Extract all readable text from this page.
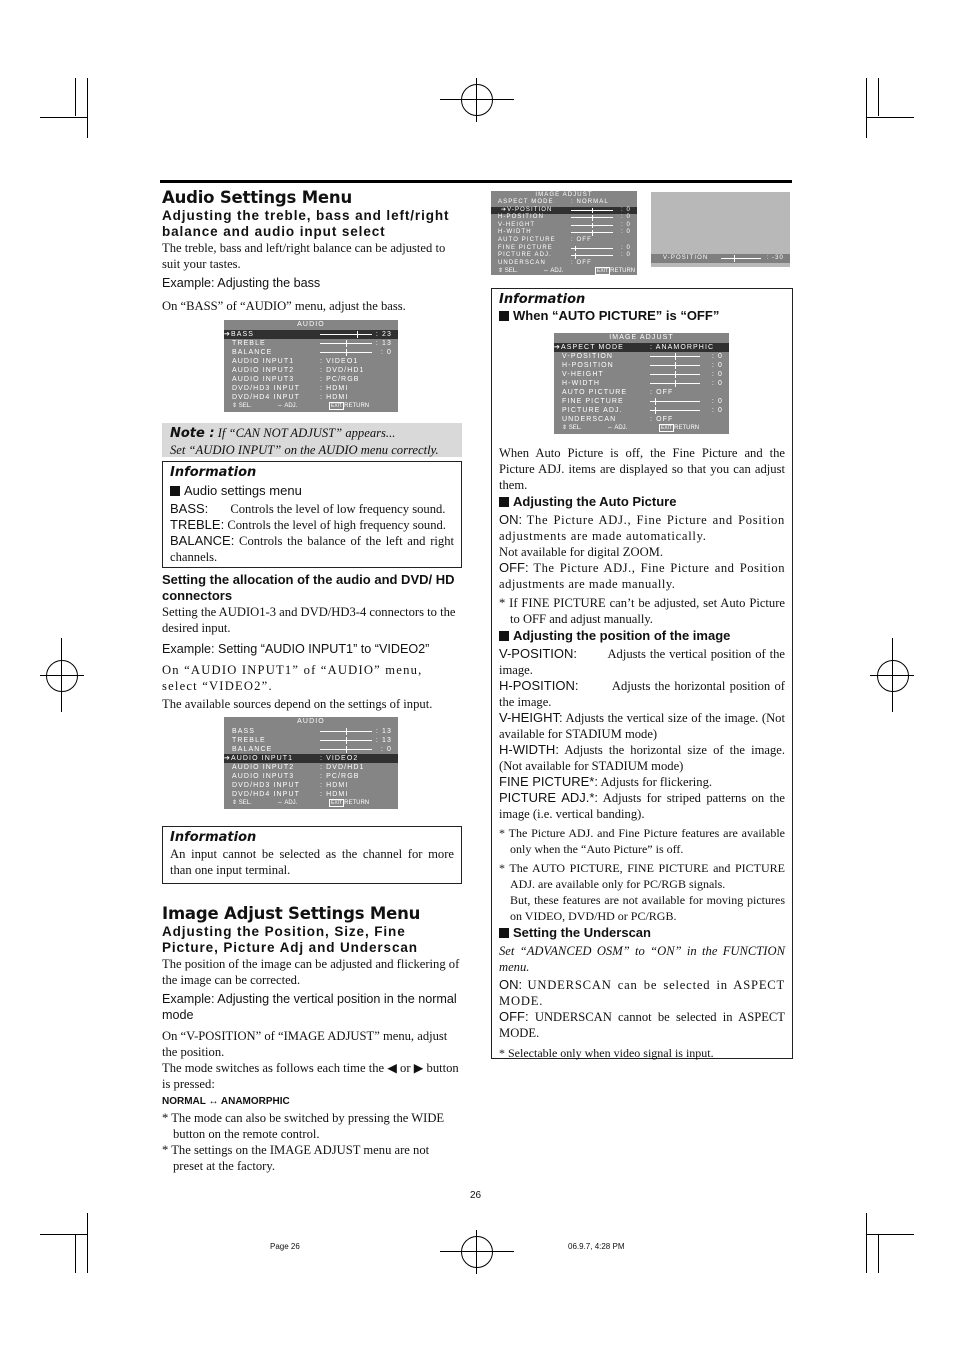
Audio Settings Menu
Adjusting the treble, bass and left/right balance and audio input select

The treble, bass and left/right balance can be adjusted to suit your tastes.

Example: Adjusting the bass

On “BASS” of “AUDIO” menu, adjust the bass.

AUDIO
➔BASS	: 23
TREBLE	: 13
BALANCE	: 0
AUDIO INPUT1	: VIDEO1
AUDIO INPUT2	: DVD/HD1
AUDIO INPUT3	: PC/RGB
DVD/HD3 INPUT	: HDMI
DVD/HD4 INPUT	: HDMI
⇕ SEL.	⇔ ADJ.	EXIT RETURN
Note : If “CAN NOT ADJUST” appears...
Set “AUDIO INPUT” on the AUDIO menu correctly.
Information
Audio settings menu

BASS: Controls the level of low frequency sound.

TREBLE: Controls the level of high frequency sound.

BALANCE: Controls the balance of the left and right channels.

Setting the allocation of the audio and DVD/ HD connectors

Setting the AUDIO1-3 and DVD/HD3-4 connectors to the desired input.

Example: Setting “AUDIO INPUT1” to “VIDEO2”

On “AUDIO INPUT1” of “AUDIO” menu, select “VIDEO2”.

The available sources depend on the settings of input.

AUDIO
BASS	: 13
TREBLE	: 13
BALANCE	: 0
➔AUDIO INPUT1	: VIDEO2
AUDIO INPUT2	: DVD/HD1
AUDIO INPUT3	: PC/RGB
DVD/HD3 INPUT	: HDMI
DVD/HD4 INPUT	: HDMI
⇕ SEL.	⇔ ADJ.	EXIT RETURN
Information

An input cannot be selected as the channel for more than one input terminal.

Image Adjust Settings Menu
Adjusting the Position, Size, Fine Picture, Picture Adj and Underscan

The position of the image can be adjusted and flickering of the image can be corrected.

Example: Adjusting the vertical position in the normal mode

On “V-POSITION” of “IMAGE ADJUST” menu, adjust the position.

The mode switches as follows each time the ◀ or ▶ button is pressed:

NORMAL ↔ ANAMORPHIC

* The mode can also be switched by pressing the WIDE button on the remote control.

* The settings on the IMAGE ADJUST menu are not preset at the factory.

IMAGE ADJUST
ASPECT MODE	: NORMAL
➔V-POSITION	: 0
H-POSITION	: 0
V-HEIGHT	: 0
H-WIDTH	: 0
AUTO PICTURE	: OFF
FINE PICTURE	: 0
PICTURE ADJ.	: 0
UNDERSCAN	: OFF
⇕ SEL.	⇔ ADJ.	EXIT RETURN
V-POSITION	: -30
Information
When “AUTO PICTURE” is “OFF”
IMAGE ADJUST
➔ASPECT MODE	: ANAMORPHIC
V-POSITION	: 0
H-POSITION	: 0
V-HEIGHT	: 0
H-WIDTH	: 0
AUTO PICTURE	: OFF
FINE PICTURE	: 0
PICTURE ADJ.	: 0
UNDERSCAN	: OFF
⇕ SEL.	⇔ ADJ.	EXIT RETURN

When Auto Picture is off, the Fine Picture and the Picture ADJ. items are displayed so that you can adjust them.

Adjusting the Auto Picture

ON: The Picture ADJ., Fine Picture and Position adjustments are made automatically.

Not available for digital ZOOM.

OFF: The Picture ADJ., Fine Picture and Position adjustments are made manually.

* If FINE PICTURE can’t be adjusted, set Auto Picture to OFF and adjust manually.

Adjusting the position of the image

V-POSITION: Adjusts the vertical position of the image.

H-POSITION:	Adjusts the horizontal position of the image.

V-HEIGHT: Adjusts the vertical size of the image. (Not available for STADIUM mode)

H-WIDTH: Adjusts the horizontal size of the image. (Not available for STADIUM mode)

FINE PICTURE*: Adjusts for flickering.

PICTURE ADJ.*: Adjusts for striped patterns on the image (i.e. vertical banding).

* The Picture ADJ. and Fine Picture features are available only when the “Auto Picture” is off.

* The AUTO PICTURE, FINE PICTURE and PICTURE ADJ. are available only for PC/RGB signals.

But, these features are not available for moving pictures on VIDEO, DVD/HD or PC/RGB.

Setting the Underscan

Set “ADVANCED OSM” to “ON” in the FUNCTION menu.

ON: UNDERSCAN can be selected in ASPECT MODE.

OFF: UNDERSCAN cannot be selected in ASPECT MODE.

* Selectable only when video signal is input.

26
Page 26	06.9.7, 4:28 PM
